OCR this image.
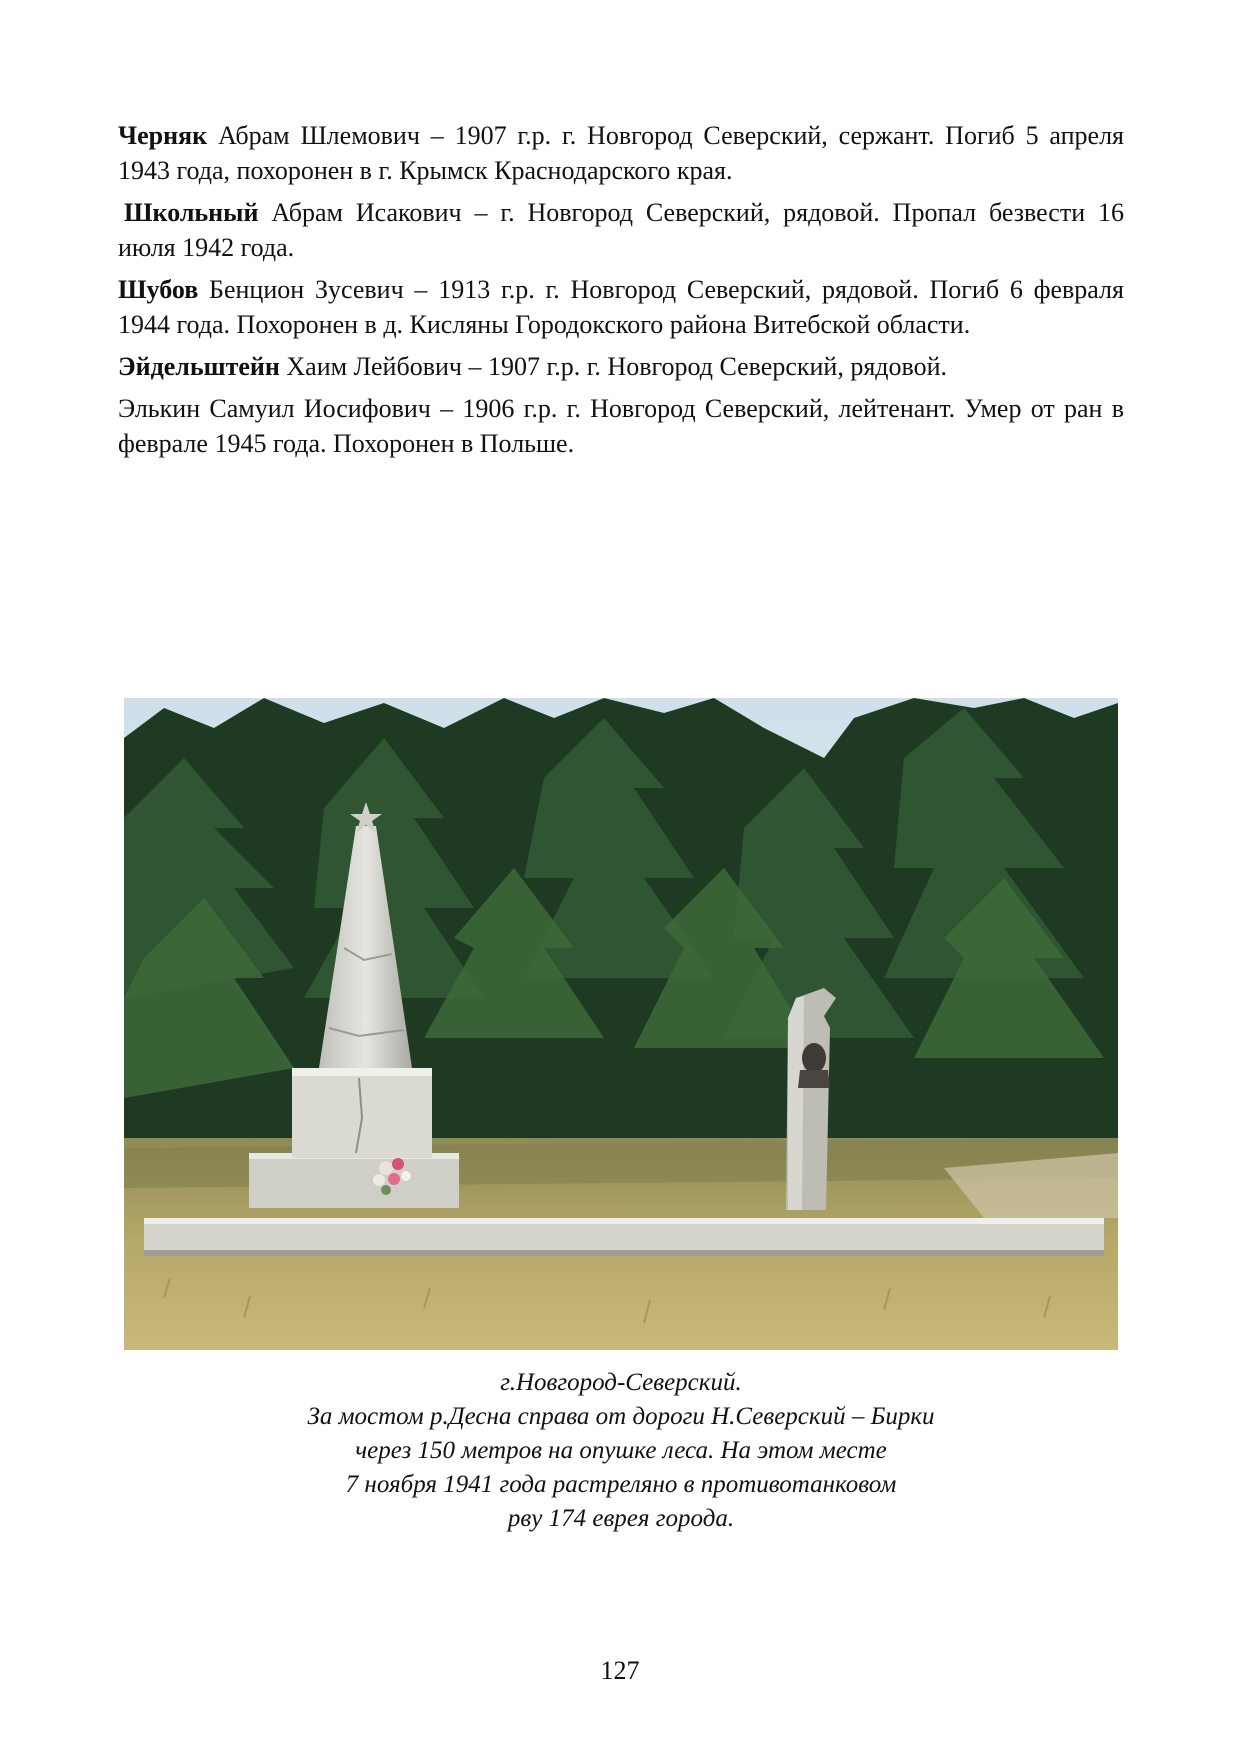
Черняк Абрам Шлемович – 1907 г.р. г. Новгород Северский, сержант. Погиб 5 апреля 1943 года, похоронен в г. Крымск Краснодарского края.

Школьный Абрам Исакович – г. Новгород Северский, рядовой. Пропал безвести 16 июля 1942 года.

Шубов Бенцион Зусевич – 1913 г.р. г. Новгород Северский, рядовой. Погиб 6 февраля 1944 года. Похоронен в д. Кисляны Городокского района Витебской области.

Эйдельштейн Хаим Лейбович – 1907 г.р. г. Новгород Северский, рядовой.

Элькин Самуил Иосифович – 1906 г.р. г. Новгород Северский, лейтенант. Умер от ран в феврале 1945 года. Похоронен в Польше.

г.Новгород-Северский.
За мостом р.Десна справа от дороги Н.Северский – Бирки
через 150 метров на опушке леса. На этом месте
7 ноября 1941 года растреляно в противотанковом
рву 174 еврея города.
127
